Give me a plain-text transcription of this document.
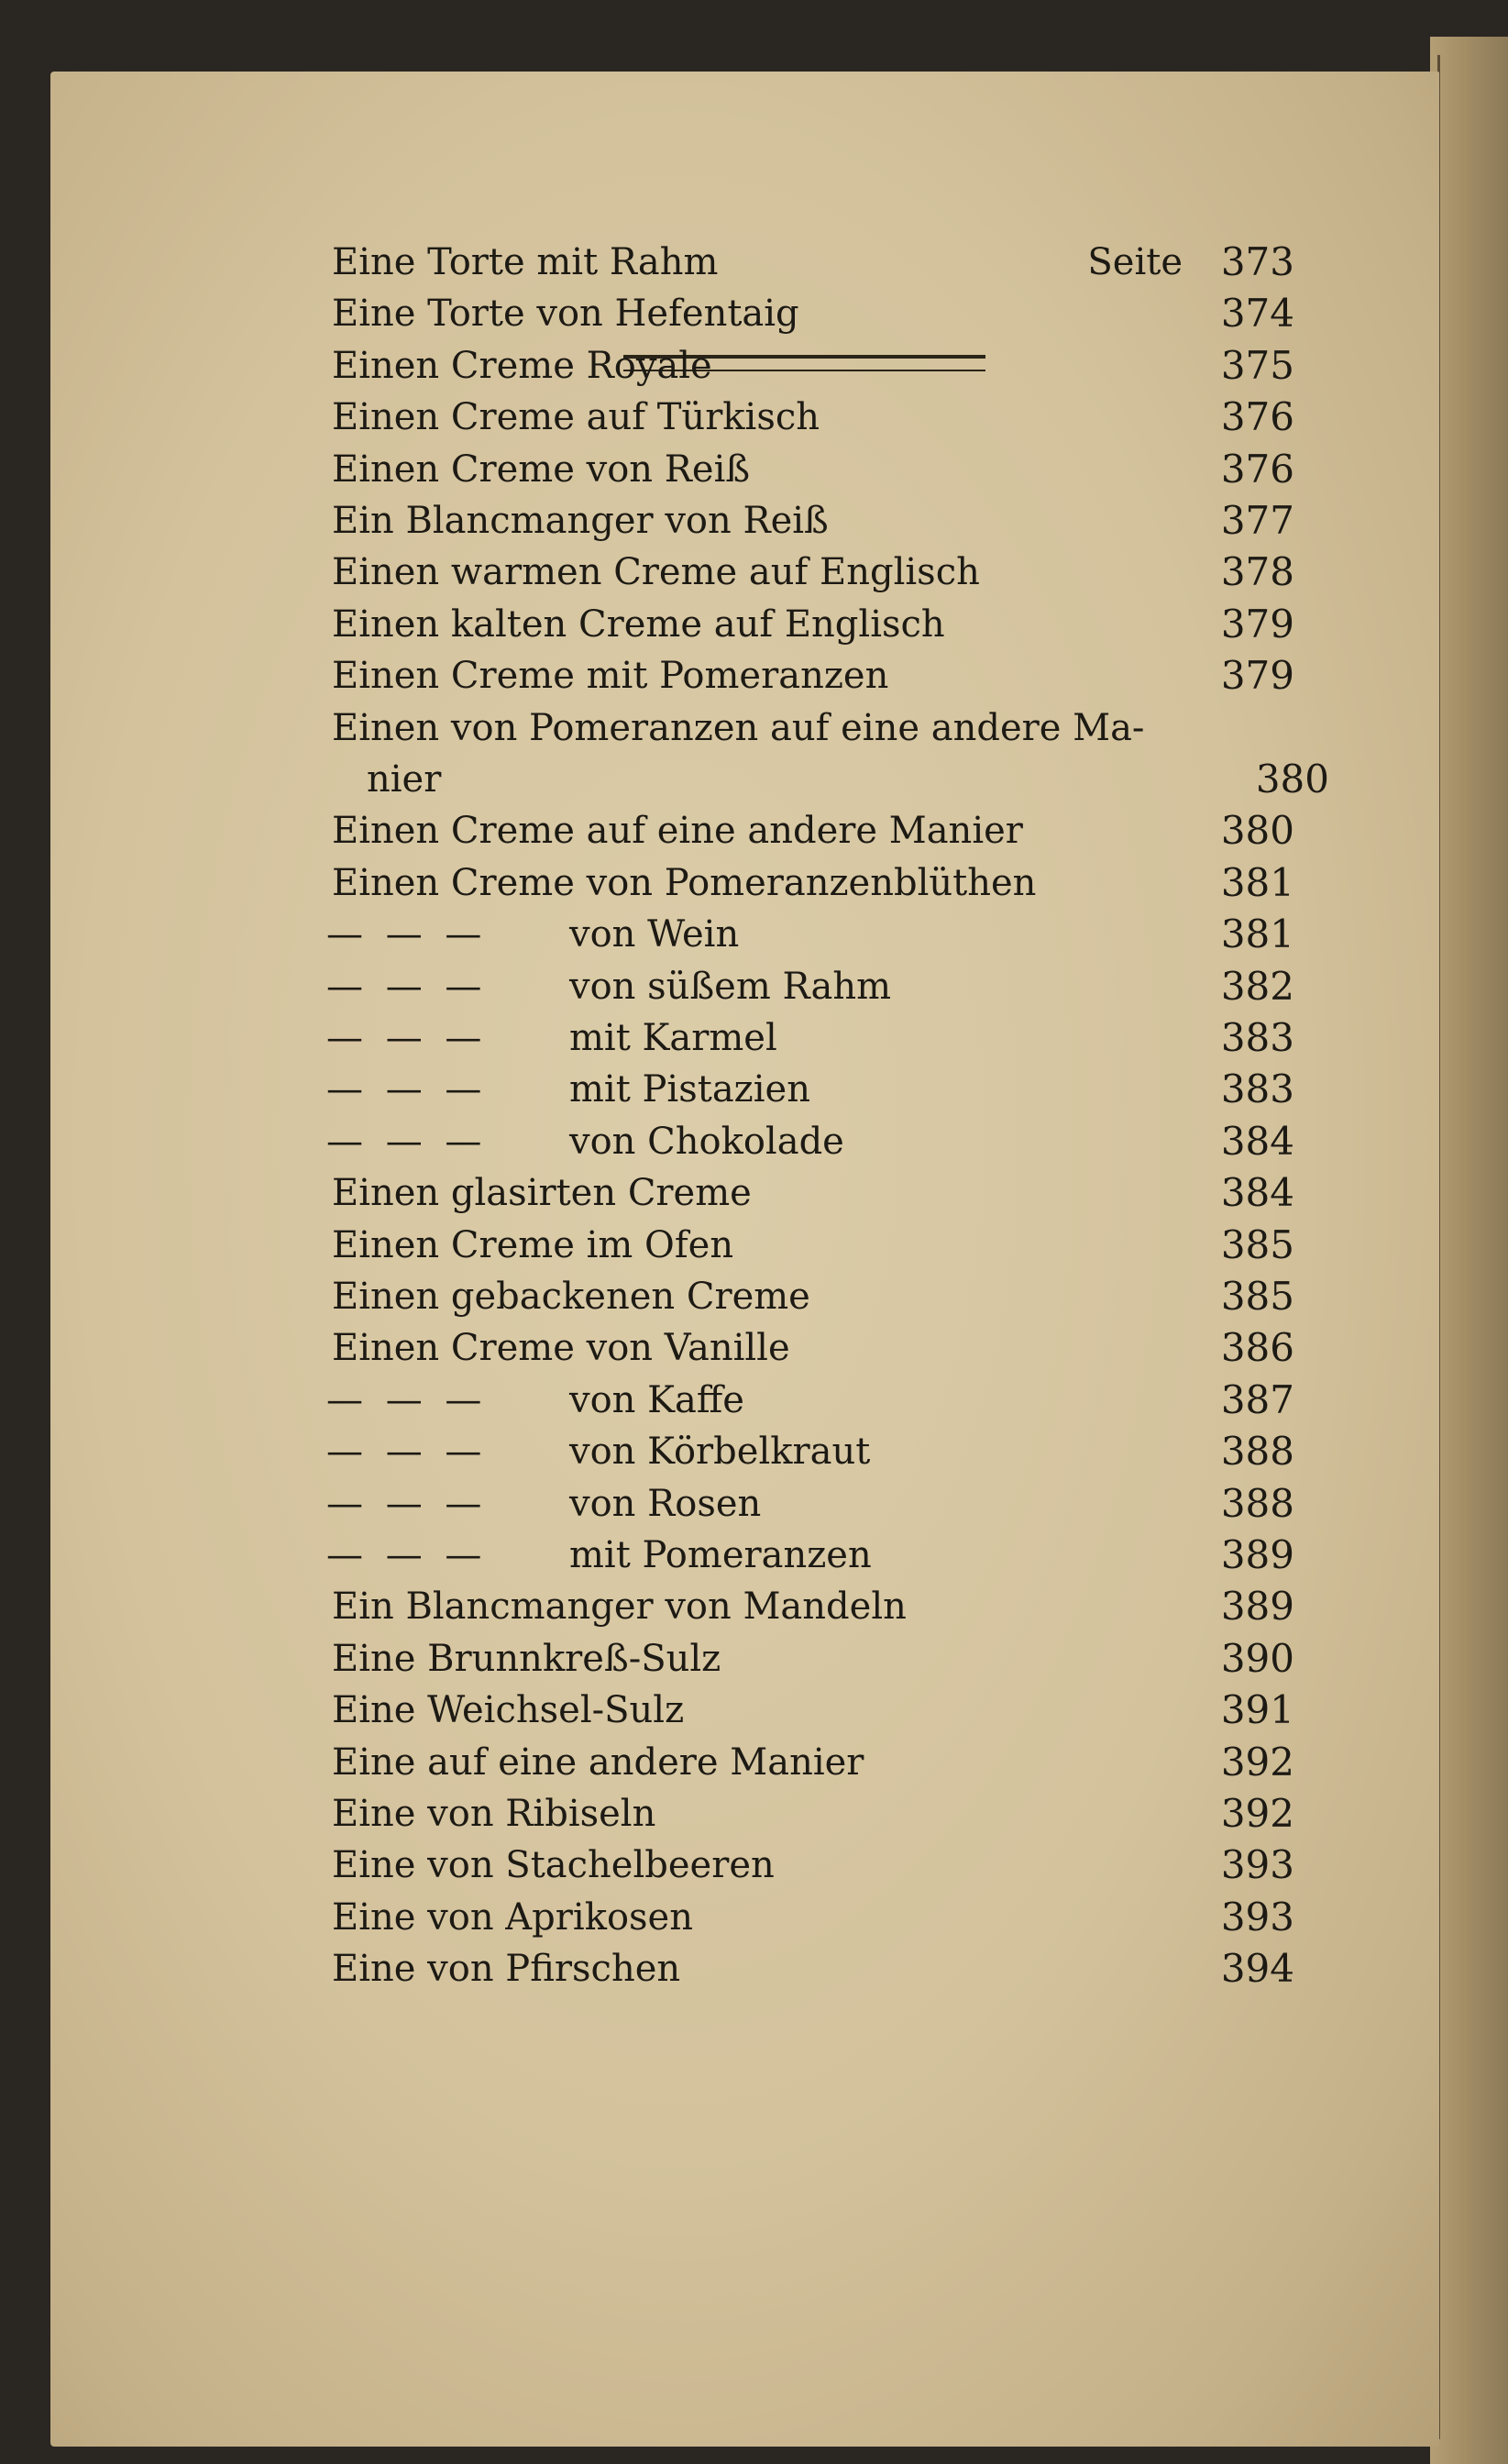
Eine Torte mit Rahm	Seite 373
Eine Torte von Hefentaig	374
Einen Creme Royale	375
Einen Creme auf Türkisch	376
Einen Creme von Reiß	376
Ein Blancmanger von Reiß	377
Einen warmen Creme auf Englisch	378
Einen kalten Creme auf Englisch	379
Einen Creme mit Pomeranzen	379
Einen von Pomeranzen auf eine andere Ma-
nier	380
Einen Creme auf eine andere Manier	380
Einen Creme von Pomeranzenblüthen	381
— — — von Wein	381
— — — von süßem Rahm	382
— — — mit Karmel	383
— — — mit Pistazien	383
— — — von Chokolade	384
Einen glasirten Creme	384
Einen Creme im Ofen	385
Einen gebackenen Creme	385
Einen Creme von Vanille	386
— — — von Kaffe	387
— — — von Körbelkraut	388
— — — von Rosen	388
— — — mit Pomeranzen	389
Ein Blancmanger von Mandeln	389
Eine Brunnkreß-Sulz	390
Eine Weichsel-Sulz	391
Eine auf eine andere Manier	392
Eine von Ribiseln	392
Eine von Stachelbeeren	393
Eine von Aprikosen	393
Eine von Pfirschen	394
